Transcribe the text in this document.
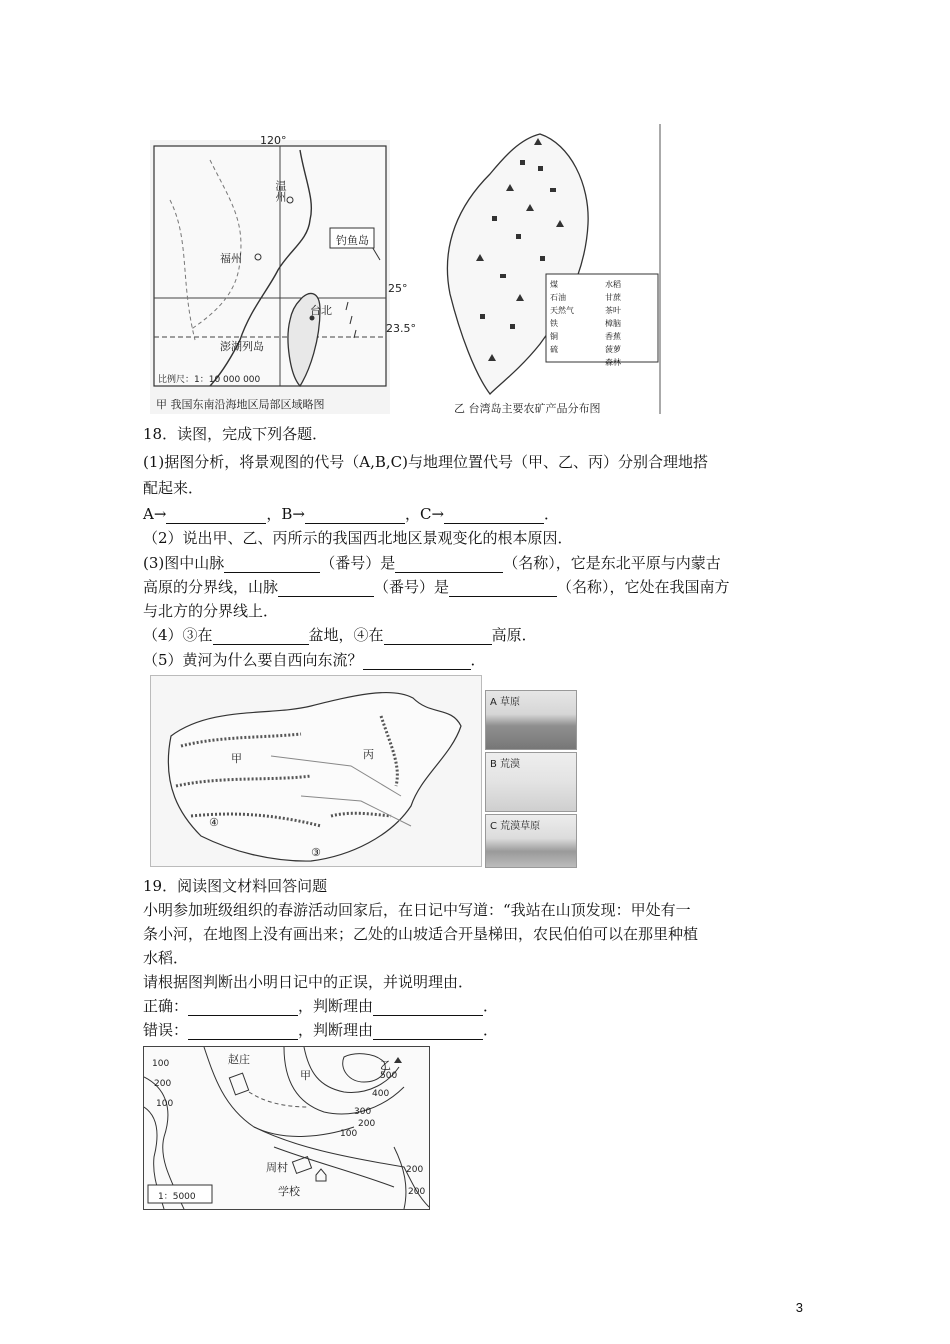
120°
25°
23.5°
温州
福州
台北
钓鱼岛
澎湖列岛
比例尺：1：10 000 000
甲 我国东南沿海地区局部区域略图
煤	水稻
石油	甘蔗
天然气	茶叶
铁	樟脑
铜	香蕉
硫	菠萝
森林
乙 台湾岛主要农矿产品分布图
18．读图，完成下列各题．
(1)据图分析，将景观图的代号（A,B,C)与地理位置代号（甲、乙、丙）分别合理地搭
配起来．
A→	，B→	，C→	．
（2）说出甲、乙、丙所示的我国西北地区景观变化的根本原因．
(3)图中山脉	（番号）是	（名称），它是东北平原与内蒙古
高原的分界线，山脉	（番号）是	（名称），它处在我国南方
与北方的分界线上．
（4）③在	盆地，④在	高原．
（5）黄河为什么要自西向东流？	．
甲	丙
④
③
A 草原
B 荒漠
C 荒漠草原
19．阅读图文材料回答问题
小明参加班级组织的春游活动回家后，在日记中写道：“我站在山顶发现：甲处有一
条小河，在地图上没有画出来；乙处的山坡适合开垦梯田，农民伯伯可以在那里种植
水稻．
请根据图判断出小明日记中的正误，并说明理由．
正确：	，判断理由	．
错误：	，判断理由	．
赵庄
周村
学校
甲
乙
100
200
100
200
300
400
500
100
200
200
1：5000
3
